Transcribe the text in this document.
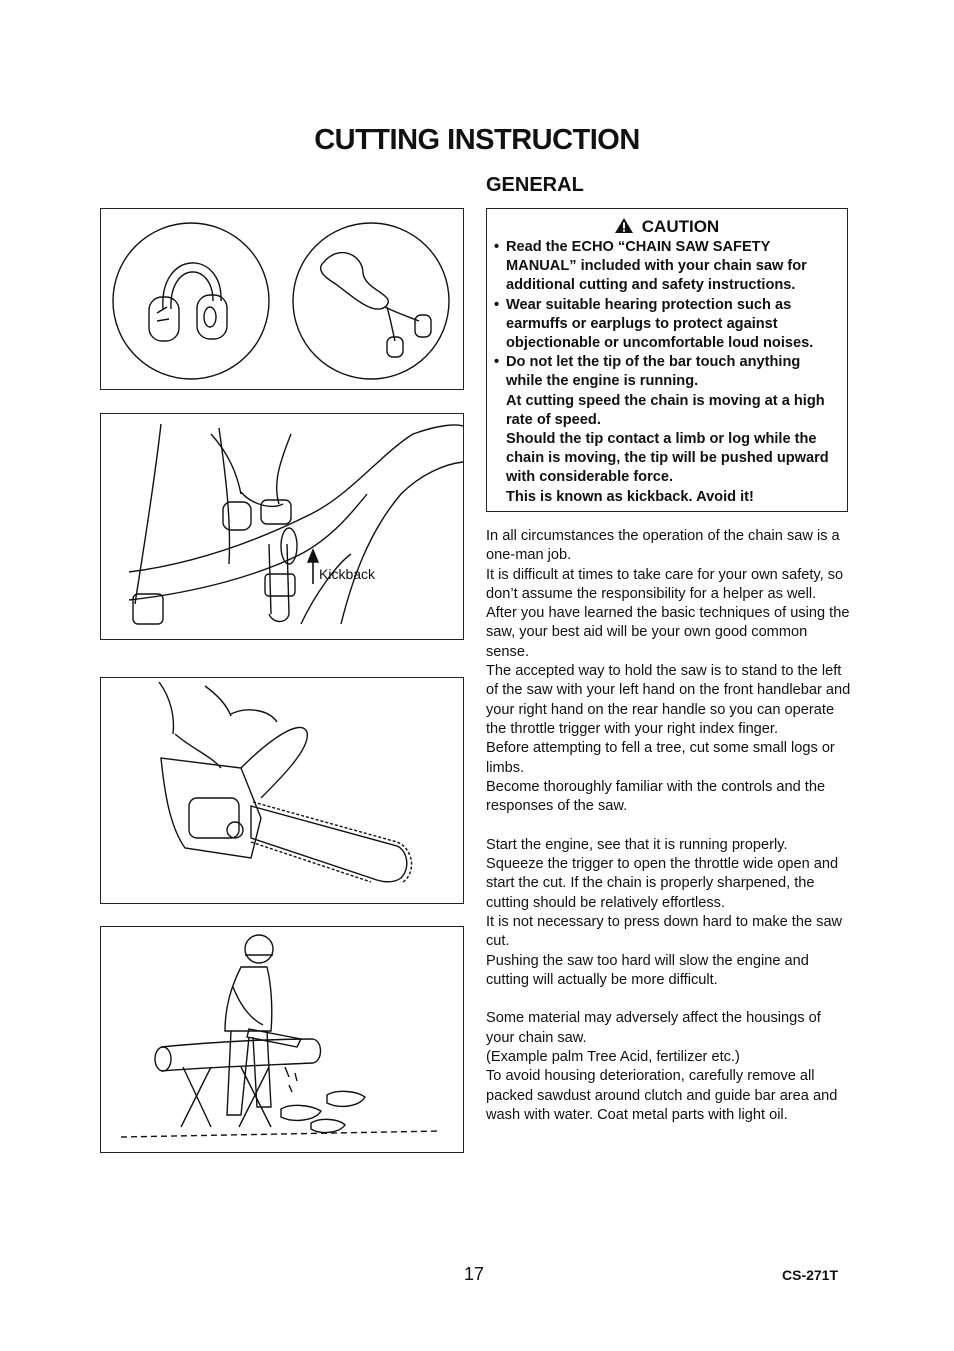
CUTTING INSTRUCTION
GENERAL
Kickback
CAUTION
• Read the ECHO “CHAIN SAW SAFETY MANUAL” included with your chain saw for additional cutting and safety instructions.
• Wear suitable hearing protection such as earmuffs or earplugs to protect against objectionable or uncomfortable loud noises.
• Do not let the tip of the bar touch anything while the engine is running.
At cutting speed the chain is moving at a high rate of speed.
Should the tip contact a limb or log while the chain is moving, the tip will be pushed upward with considerable force.
This is known as kickback. Avoid it!

In all circumstances the operation of the chain saw is a one-man job.

It is difficult at times to take care for your own safety, so don’t assume the responsibility for a helper as well.

After you have learned the basic techniques of using the saw, your best aid will be your own good common sense.

The accepted way to hold the saw is to stand to the left of the saw with your left hand on the front handlebar and your right hand on the rear handle so you can operate the throttle trigger with your right index finger.

Before attempting to fell a tree, cut some small logs or limbs.

Become thoroughly familiar with the controls and the responses of the saw.

Start the engine, see that it is running properly.

Squeeze the trigger to open the throttle wide open and start the cut. If the chain is properly sharpened, the cutting should be relatively effortless.

It is not necessary to press down hard to make the saw cut.

Pushing the saw too hard will slow the engine and cutting will actually be more difficult.

Some material may adversely affect the housings of your chain saw.

(Example palm Tree Acid, fertilizer etc.)

To avoid housing deterioration, carefully remove all packed sawdust around clutch and guide bar area and wash with water. Coat metal parts with light oil.

17	CS-271T
